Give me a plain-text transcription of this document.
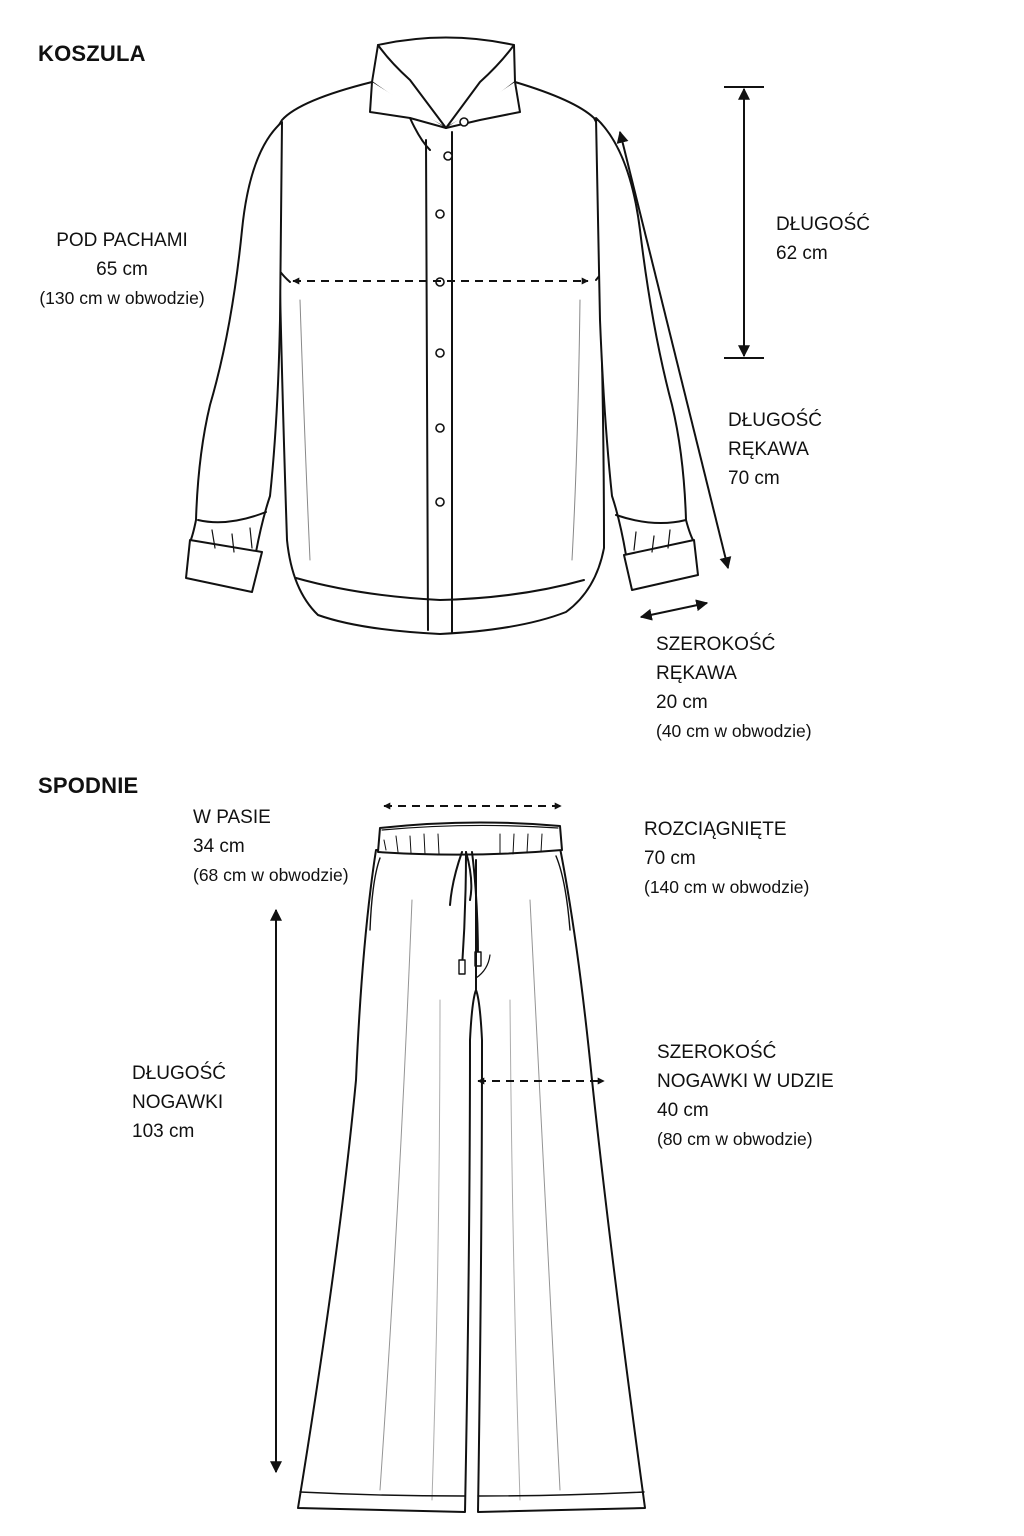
KOSZULA
POD PACHAMI
65 cm
(130 cm w obwodzie)
DŁUGOŚĆ
62 cm
DŁUGOŚĆ
RĘKAWA
70 cm
SZEROKOŚĆ
RĘKAWA
20 cm
(40 cm w obwodzie)
SPODNIE
W PASIE
34 cm
(68 cm w obwodzie)
ROZCIĄGNIĘTE
70 cm
(140 cm w obwodzie)
DŁUGOŚĆ
NOGAWKI
103 cm
SZEROKOŚĆ
NOGAWKI W UDZIE
40 cm
(80 cm w obwodzie)
